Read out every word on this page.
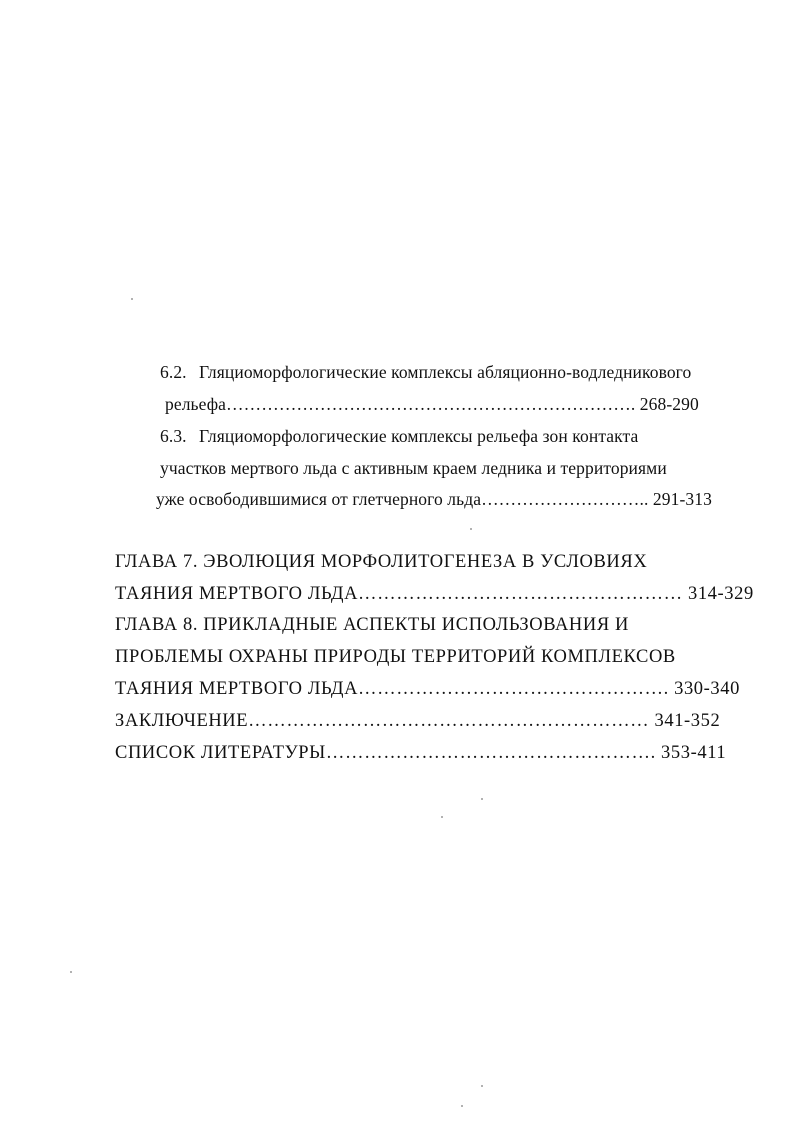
6.2. Гляциоморфологические комплексы абляционно-водледникового
рельефа……………………………………………………………. 268-290
6.3. Гляциоморфологические комплексы рельефа зон контакта
участков мертвого льда с активным краем ледника и территориями
уже освободившимися от глетчерного льда……………………….. 291-313
ГЛАВА 7. ЭВОЛЮЦИЯ МОРФОЛИТОГЕНЕЗА В УСЛОВИЯХ
ТАЯНИЯ МЕРТВОГО ЛЬДА…………………………………………… 314-329
ГЛАВА 8. ПРИКЛАДНЫЕ АСПЕКТЫ ИСПОЛЬЗОВАНИЯ И
ПРОБЛЕМЫ ОХРАНЫ ПРИРОДЫ ТЕРРИТОРИЙ КОМПЛЕКСОВ
ТАЯНИЯ МЕРТВОГО ЛЬДА…………………………………………. 330-340
ЗАКЛЮЧЕНИЕ……………………………………………………… 341-352
СПИСОК ЛИТЕРАТУРЫ……………………………………………. 353-411
